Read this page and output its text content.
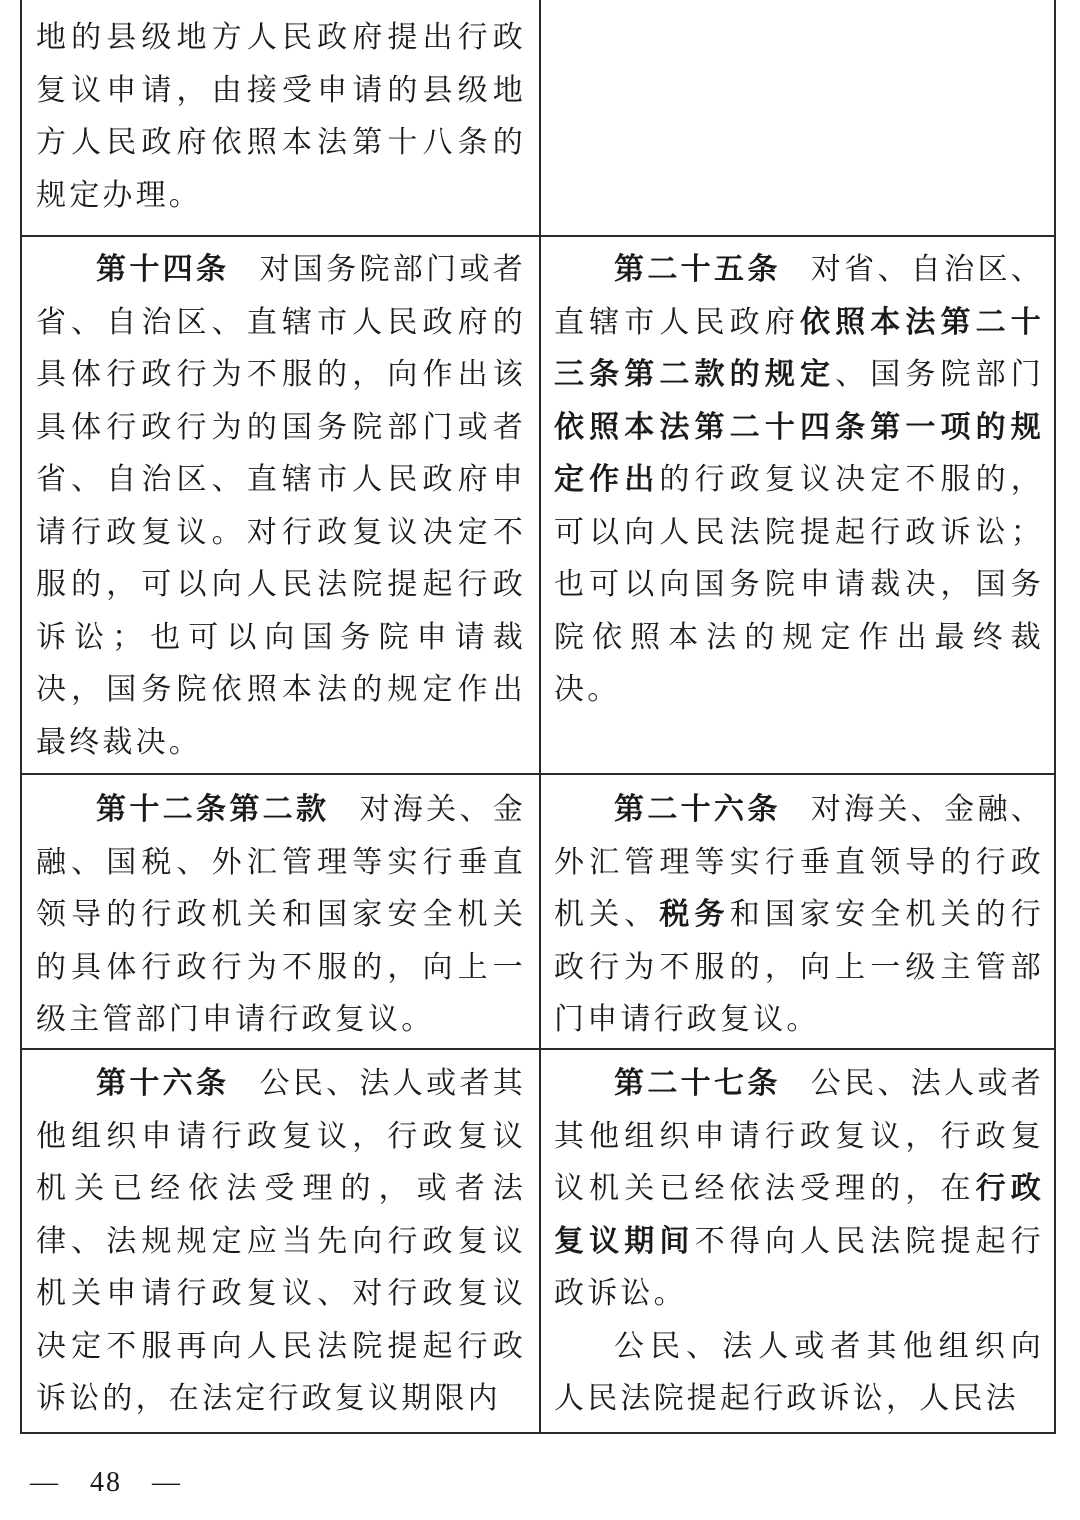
地的县级地方人民政府提出行政复议申请，由接受申请的县级地方人民政府依照本法第十八条的规定办理。

第十四条 对国务院部门或者省、自治区、直辖市人民政府的具体行政行为不服的，向作出该具体行政行为的国务院部门或者省、自治区、直辖市人民政府申请行政复议。对行政复议决定不服的，可以向人民法院提起行政诉讼；也可以向国务院申请裁决，国务院依照本法的规定作出最终裁决。

第二十五条 对省、自治区、直辖市人民政府依照本法第二十三条第二款的规定、国务院部门依照本法第二十四条第一项的规定作出的行政复议决定不服的，可以向人民法院提起行政诉讼；也可以向国务院申请裁决，国务院依照本法的规定作出最终裁决。

第十二条第二款 对海关、金融、国税、外汇管理等实行垂直领导的行政机关和国家安全机关的具体行政行为不服的，向上一级主管部门申请行政复议。

第二十六条 对海关、金融、外汇管理等实行垂直领导的行政机关、税务和国家安全机关的行政行为不服的，向上一级主管部门申请行政复议。

第十六条 公民、法人或者其他组织申请行政复议，行政复议机关已经依法受理的，或者法律、法规规定应当先向行政复议机关申请行政复议、对行政复议决定不服再向人民法院提起行政诉讼的，在法定行政复议期限内

第二十七条 公民、法人或者其他组织申请行政复议，行政复议机关已经依法受理的，在行政复议期间不得向人民法院提起行政诉讼。

公民、法人或者其他组织向人民法院提起行政诉讼，人民法

—　48　—
